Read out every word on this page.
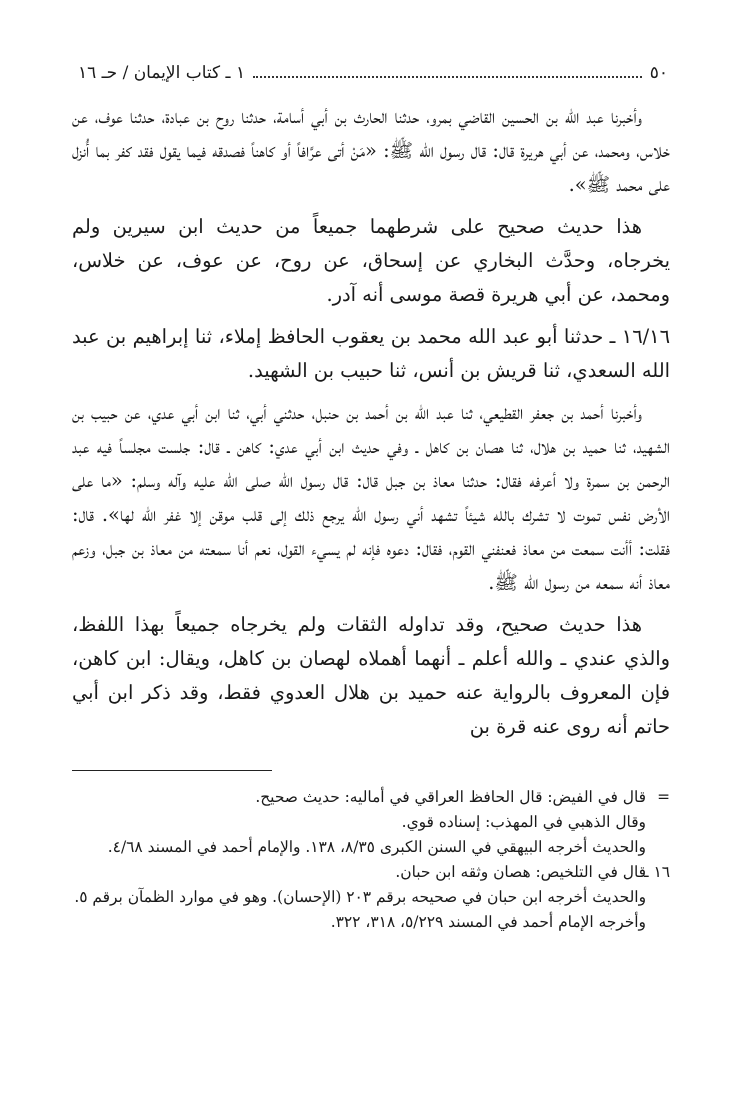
٥٠
١ ـ كتاب الإيمان / حـ ١٦

وأخبرنا عبد الله بن الحسين القاضي بمرو، حدثنا الحارث بن أبي أسامة، حدثنا روح بن عبادة، حدثنا عوف، عن خلاس، ومحمد، عن أبي هريرة قال: قال رسول الله ﷺ: «مَنْ أتى عرَّافاً أو كاهناً فصدقه فيما يقول فقد كفر بما أُنزل على محمد ﷺ».

هذا حديث صحيح على شرطهما جميعاً من حديث ابن سيرين ولم يخرجاه، وحدَّث البخاري عن إسحاق، عن روح، عن عوف، عن خلاس، ومحمد، عن أبي هريرة قصة موسى أنه آدر.

١٦/١٦ ـ حدثنا أبو عبد الله محمد بن يعقوب الحافظ إملاء، ثنا إبراهيم بن عبد الله السعدي، ثنا قريش بن أنس، ثنا حبيب بن الشهيد.

وأخبرنا أحمد بن جعفر القطيعي، ثنا عبد الله بن أحمد بن حنبل، حدثني أبي، ثنا ابن أبي عدي، عن حبيب بن الشهيد، ثنا حميد بن هلال، ثنا هصان بن كاهل ـ وفي حديث ابن أبي عدي: كاهن ـ قال: جلست مجلساً فيه عبد الرحمن بن سمرة ولا أعرفه فقال: حدثنا معاذ بن جبل قال: قال رسول الله صلى الله عليه وآله وسلم: «ما على الأرض نفس تموت لا تشرك بالله شيئاً تشهد أني رسول الله يرجع ذلك إلى قلب موقن إلا غفر الله لها». قال: فقلت: أأنت سمعت من معاذ فعنفني القوم، فقال: دعوه فإنه لم يسيء القول، نعم أنا سمعته من معاذ بن جبل، وزعم معاذ أنه سمعه من رسول الله ﷺ.

هذا حديث صحيح، وقد تداوله الثقات ولم يخرجاه جميعاً بهذا اللفظ، والذي عندي ـ والله أعلم ـ أنهما أهملاه لهصان بن كاهل، ويقال: ابن كاهن، فإن المعروف بالرواية عنه حميد بن هلال العدوي فقط، وقد ذكر ابن أبي حاتم أنه روى عنه قرة بن

=
قال في الفيض: قال الحافظ العراقي في أماليه: حديث صحيح.

وقال الذهبي في المهذب: إسناده قوي.

والحديث أخرجه البيهقي في السنن الكبرى ٨/٣٥، ١٣٨. والإمام أحمد في المسند ٤/٦٨.

١٦ ـ
قال في التلخيص: هصان وثقه ابن حبان.

والحديث أخرجه ابن حبان في صحيحه برقم ٢٠٣ (الإحسان). وهو في موارد الظمآن برقم ٥.

وأخرجه الإمام أحمد في المسند ٥/٢٢٩، ٣١٨، ٣٢٢.
